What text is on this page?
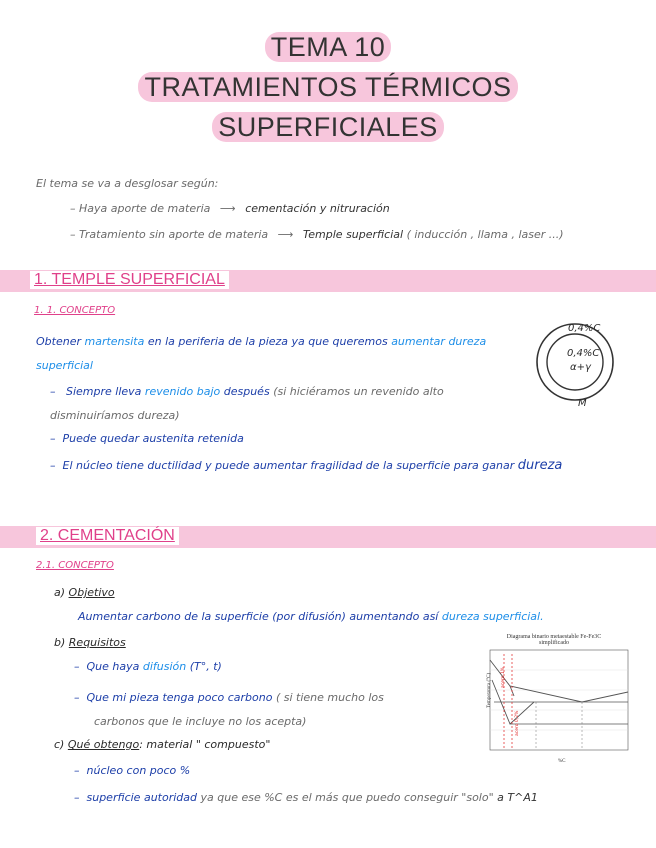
TEMA 10
TRATAMIENTOS TÉRMICOS
SUPERFICIALES
El tema se va a desglosar según:
– Haya aporte de materia ⟶ cementación y nitruración
– Tratamiento sin aporte de materia ⟶ Temple superficial ( inducción , llama , laser ...)
1. TEMPLE SUPERFICIAL
1. 1. CONCEPTO
Obtener martensita en la periferia de la pieza ya que queremos aumentar dureza superficial
–   Siempre lleva revenido bajo después (si hiciéramos un revenido alto disminuiríamos dureza)
–  Puede quedar austenita retenida
–  El núcleo tiene ductilidad y puede aumentar fragilidad de la superficie para ganar dureza
0,4%C
0,4%C
α+γ
M
2. CEMENTACIÓN
2.1. CONCEPTO
a) Objetivo
Aumentar carbono de la superficie (por difusión) aumentando así dureza superficial.
b) Requisitos
–  Que haya difusión (T°, t)
–  Que mi pieza tenga poco carbono ( si tiene mucho los
carbonos que le incluye no los acepta)
c) Qué obtengo: material " compuesto"
–  núcleo con poco %
–  superficie autoridad ya que ese %C es el más que puedo conseguir "solo" a T^A1
Diagrama binario metaestable Fe-Fe3C
simplificado
Temperatura (°C)
%C
acero 1%
acero 0,2%
